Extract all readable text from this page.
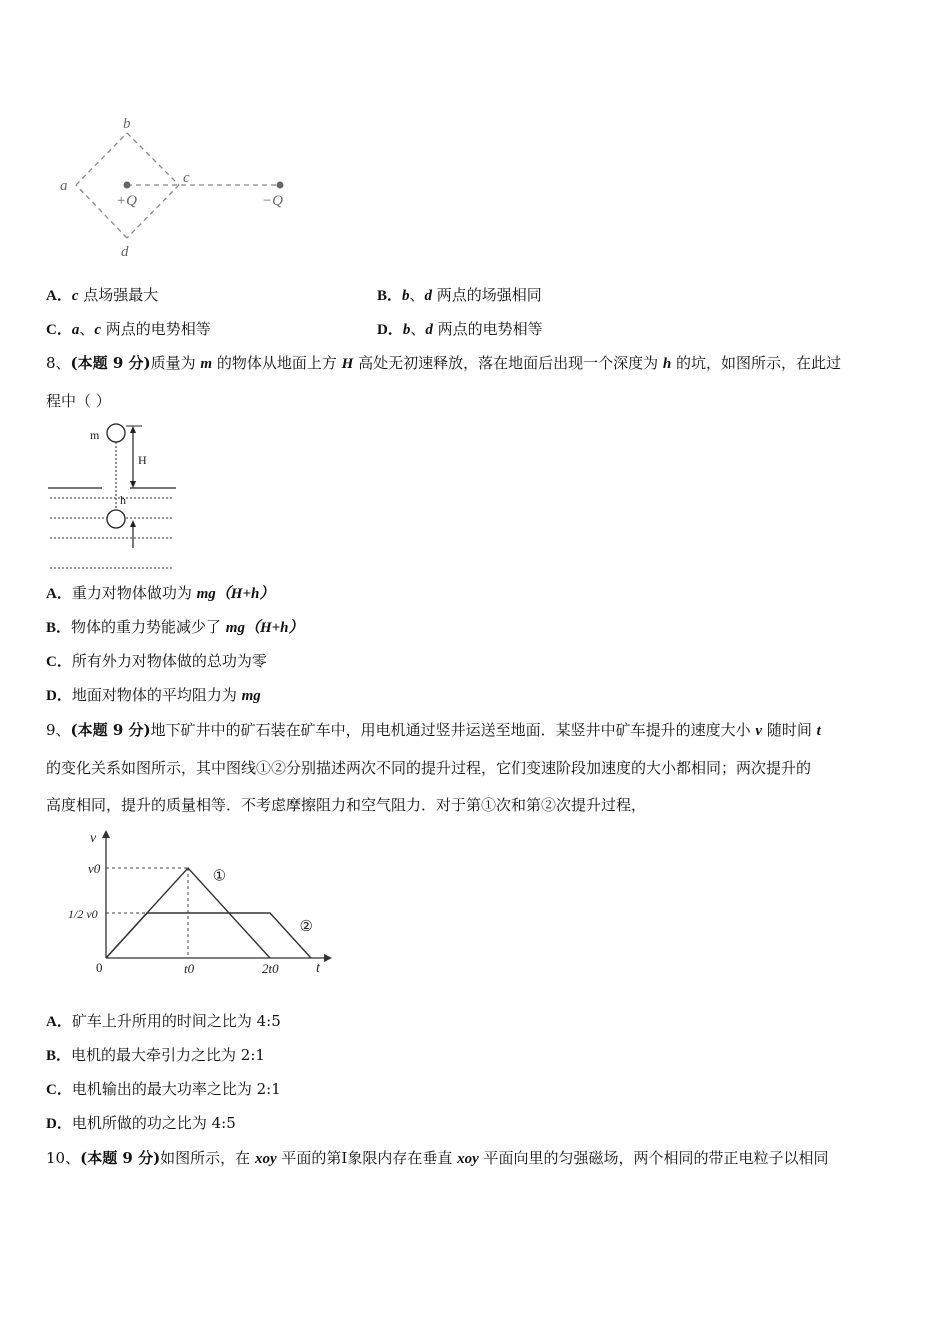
b
a	c
d
+Q	−Q
A．c 点场强最大	B．b、d 两点的场强相同
C．a、c 两点的电势相等	D．b、d 两点的电势相等
8、(本题 9 分)质量为 m 的物体从地面上方 H 高处无初速释放，落在地面后出现一个深度为 h 的坑，如图所示，在此过
程中（ ）
m
H
h
A．重力对物体做功为 mg（H+h）
B．物体的重力势能减少了 mg（H+h）
C．所有外力对物体做的总功为零
D．地面对物体的平均阻力为 mg
9、(本题 9 分)地下矿井中的矿石装在矿车中，用电机通过竖井运送至地面．某竖井中矿车提升的速度大小 v 随时间 t
的变化关系如图所示，其中图线①②分别描述两次不同的提升过程，它们变速阶段加速度的大小都相同；两次提升的
高度相同，提升的质量相等．不考虑摩擦阻力和空气阻力．对于第①次和第②次提升过程，
v
t
0
①
②
t0	2t0
v0
1/2 v0
A．矿车上升所用的时间之比为 4:5
B．电机的最大牵引力之比为 2:1
C．电机输出的最大功率之比为 2:1
D．电机所做的功之比为 4:5
10、(本题 9 分)如图所示，在 xoy 平面的第Ⅰ象限内存在垂直 xoy 平面向里的匀强磁场，两个相同的带正电粒子以相同
